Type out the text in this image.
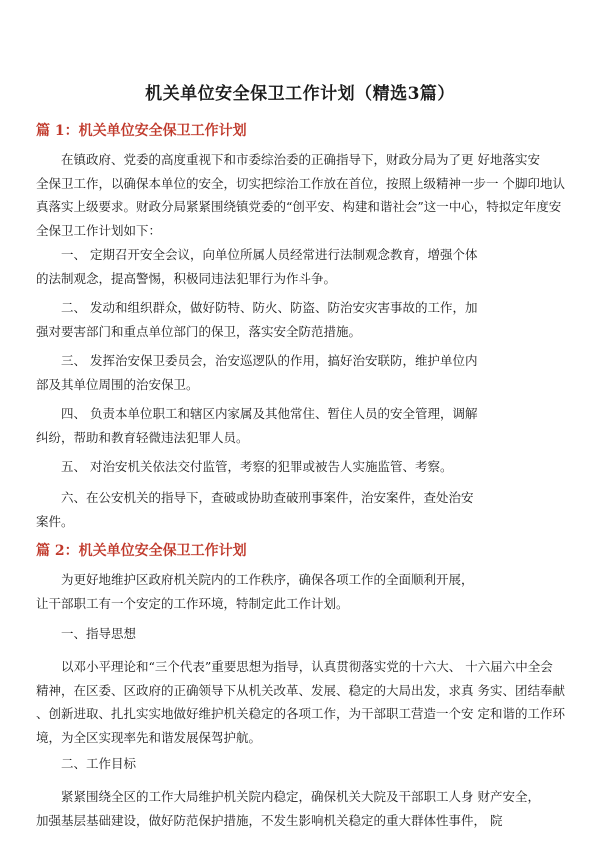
机关单位安全保卫工作计划（精选3篇）
篇 1：机关单位安全保卫工作计划

　　在镇政府、党委的高度重视下和市委综治委的正确指导下，财政分局为了更 好地落实安
全保卫工作，以确保本单位的安全，切实把综治工作放在首位，按照上级精神一步一 个脚印地认
真落实上级要求。财政分局紧紧围绕镇党委的“创平安、构建和谐社会”这一中心，特拟定年度安
全保卫工作计划如下：

　　一、 定期召开安全会议，向单位所属人员经常进行法制观念教育，增强个体
的法制观念，提高警惕，积极同违法犯罪行为作斗争。

　　二、 发动和组织群众，做好防特、防火、防盗、防治安灾害事故的工作，加
强对要害部门和重点单位部门的保卫，落实安全防范措施。

　　三、 发挥治安保卫委员会，治安巡逻队的作用，搞好治安联防，维护单位内
部及其单位周围的治安保卫。

　　四、 负责本单位职工和辖区内家属及其他常住、暂住人员的安全管理，调解
纠纷，帮助和教育轻微违法犯罪人员。

　　五、 对治安机关依法交付监管，考察的犯罪或被告人实施监管、考察。

　　六、在公安机关的指导下，查破或协助查破刑事案件，治安案件，查处治安
案件。

篇 2：机关单位安全保卫工作计划

　　为更好地维护区政府机关院内的工作秩序，确保各项工作的全面顺利开展，
让干部职工有一个安定的工作环境，特制定此工作计划。

　　一、指导思想

　　以邓小平理论和“三个代表”重要思想为指导，认真贯彻落实党的十六大、 十六届六中全会
精神，在区委、区政府的正确领导下从机关改革、发展、稳定的大局出发，求真 务实、团结奉献
、创新进取、扎扎实实地做好维护机关稳定的各项工作，为干部职工营造一个安 定和谐的工作环
境，为全区实现率先和谐发展保驾护航。

　　二、工作目标

　　紧紧围绕全区的工作大局维护机关院内稳定，确保机关大院及干部职工人身 财产安全，
加强基层基础建设，做好防范保护措施，不发生影响机关稳定的重大群体性事件， 院
